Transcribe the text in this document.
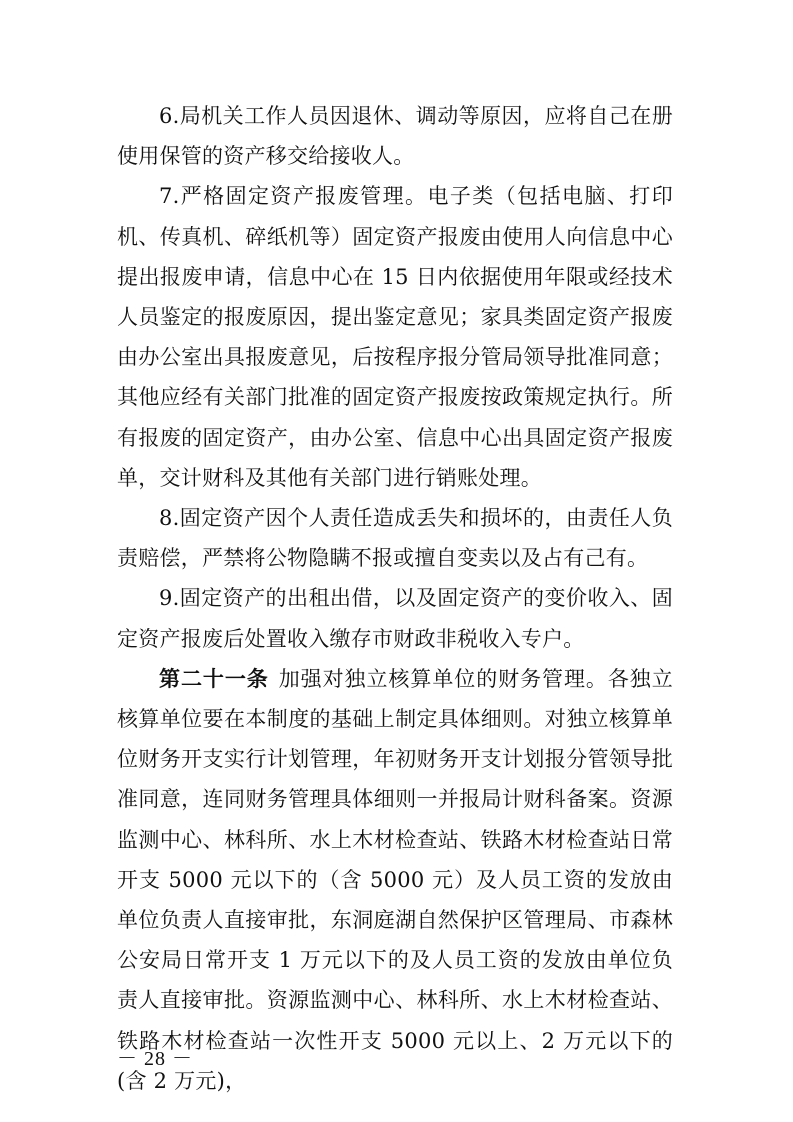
6.局机关工作人员因退休、调动等原因，应将自己在册使用保管的资产移交给接收人。

7.严格固定资产报废管理。电子类（包括电脑、打印机、传真机、碎纸机等）固定资产报废由使用人向信息中心提出报废申请，信息中心在 15 日内依据使用年限或经技术人员鉴定的报废原因，提出鉴定意见；家具类固定资产报废由办公室出具报废意见，后按程序报分管局领导批准同意；其他应经有关部门批准的固定资产报废按政策规定执行。所有报废的固定资产，由办公室、信息中心出具固定资产报废单，交计财科及其他有关部门进行销账处理。

8.固定资产因个人责任造成丢失和损坏的，由责任人负责赔偿，严禁将公物隐瞒不报或擅自变卖以及占有己有。

9.固定资产的出租出借，以及固定资产的变价收入、固定资产报废后处置收入缴存市财政非税收入专户。

第二十一条 加强对独立核算单位的财务管理。各独立核算单位要在本制度的基础上制定具体细则。对独立核算单位财务开支实行计划管理，年初财务开支计划报分管领导批准同意，连同财务管理具体细则一并报局计财科备案。资源监测中心、林科所、水上木材检查站、铁路木材检查站日常开支 5000 元以下的（含 5000 元）及人员工资的发放由单位负责人直接审批，东洞庭湖自然保护区管理局、市森林公安局日常开支 1 万元以下的及人员工资的发放由单位负责人直接审批。资源监测中心、林科所、水上木材检查站、铁路木材检查站一次性开支 5000 元以上、2 万元以下的(含 2 万元)，

－ 28 －
